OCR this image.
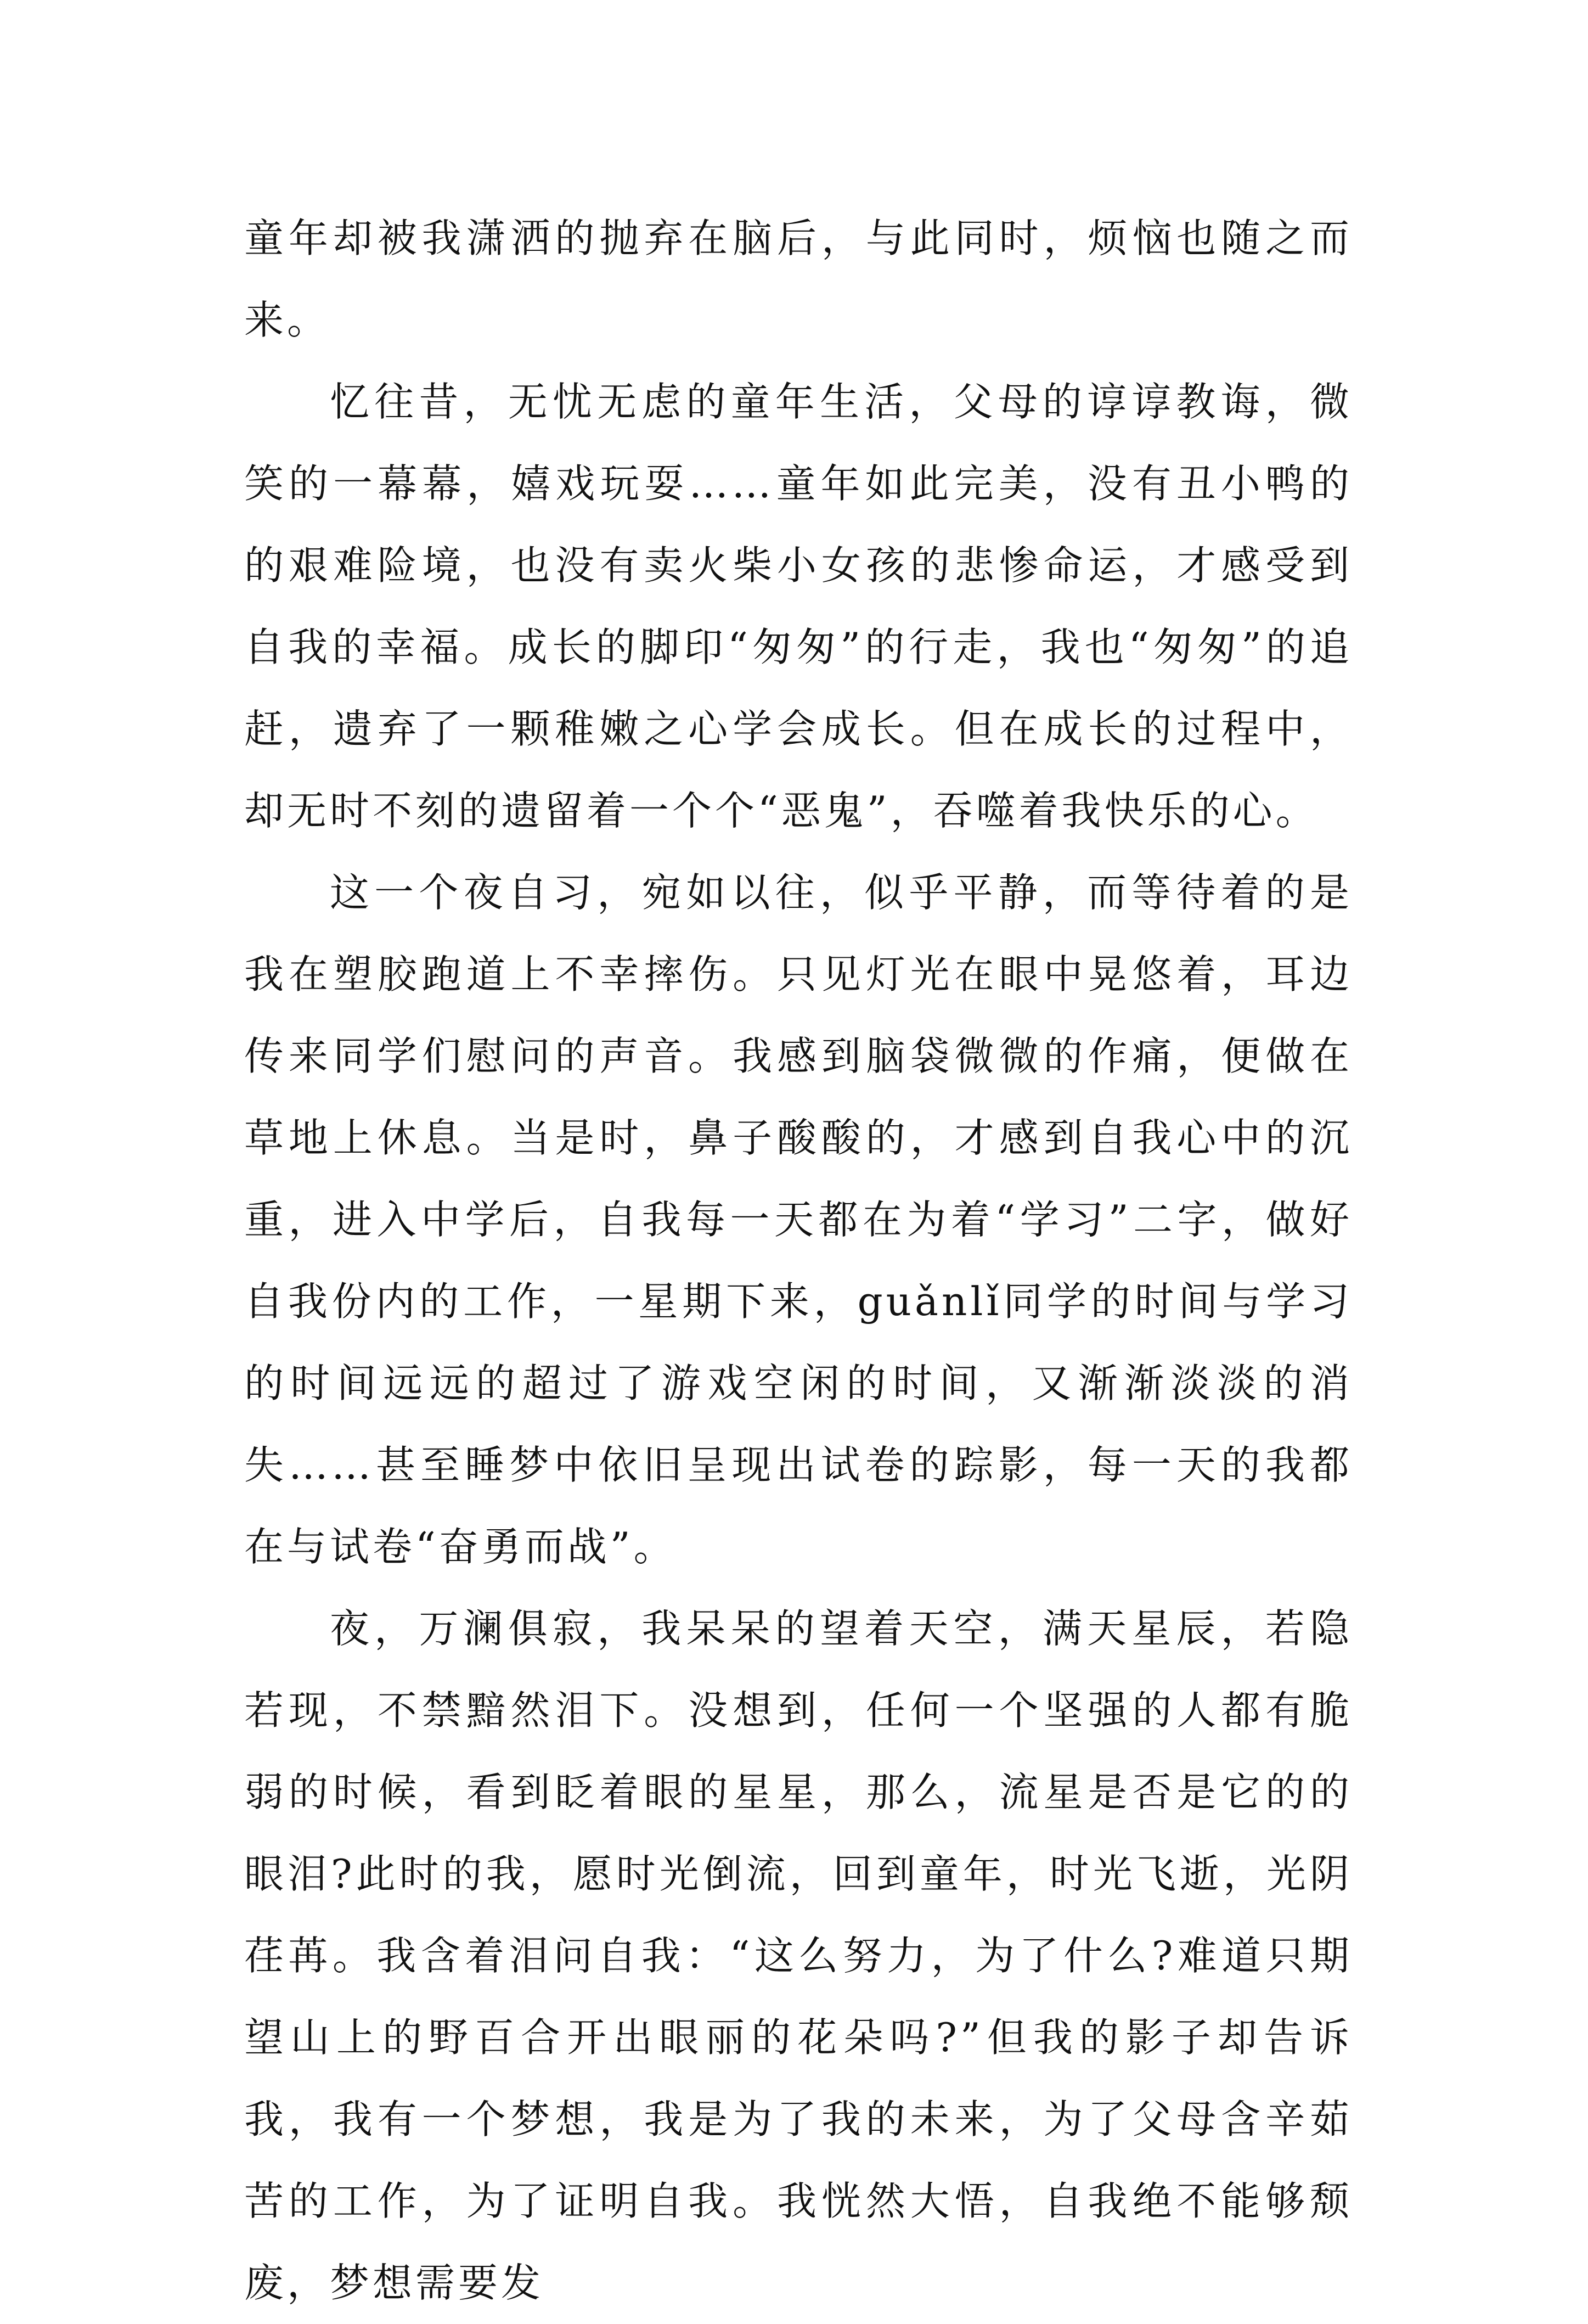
童年却被我潇洒的抛弃在脑后，与此同时，烦恼也随之而来。

忆往昔，无忧无虑的童年生活，父母的谆谆教诲，微笑的一幕幕，嬉戏玩耍……童年如此完美，没有丑小鸭的的艰难险境，也没有卖火柴小女孩的悲惨命运，才感受到自我的幸福。成长的脚印“匆匆”的行走，我也“匆匆”的追赶，遗弃了一颗稚嫩之心学会成长。但在成长的过程中，却无时不刻的遗留着一个个“恶鬼”，吞噬着我快乐的心。

这一个夜自习，宛如以往，似乎平静，而等待着的是我在塑胶跑道上不幸摔伤。只见灯光在眼中晃悠着，耳边传来同学们慰问的声音。我感到脑袋微微的作痛，便做在草地上休息。当是时，鼻子酸酸的，才感到自我心中的沉重，进入中学后，自我每一天都在为着“学习”二字，做好自我份内的工作，一星期下来，guǎnlǐ同学的时间与学习的时间远远的超过了游戏空闲的时间，又渐渐淡淡的消失……甚至睡梦中依旧呈现出试卷的踪影，每一天的我都在与试卷“奋勇而战”。

夜，万澜俱寂，我呆呆的望着天空，满天星辰，若隐若现，不禁黯然泪下。没想到，任何一个坚强的人都有脆弱的时候，看到眨着眼的星星，那么，流星是否是它的的眼泪?此时的我，愿时光倒流，回到童年，时光飞逝，光阴荏苒。我含着泪问自我：“这么努力，为了什么?难道只期望山上的野百合开出眼丽的花朵吗?”但我的影子却告诉我，我有一个梦想，我是为了我的未来，为了父母含辛茹苦的工作，为了证明自我。我恍然大悟，自我绝不能够颓废，梦想需要发
